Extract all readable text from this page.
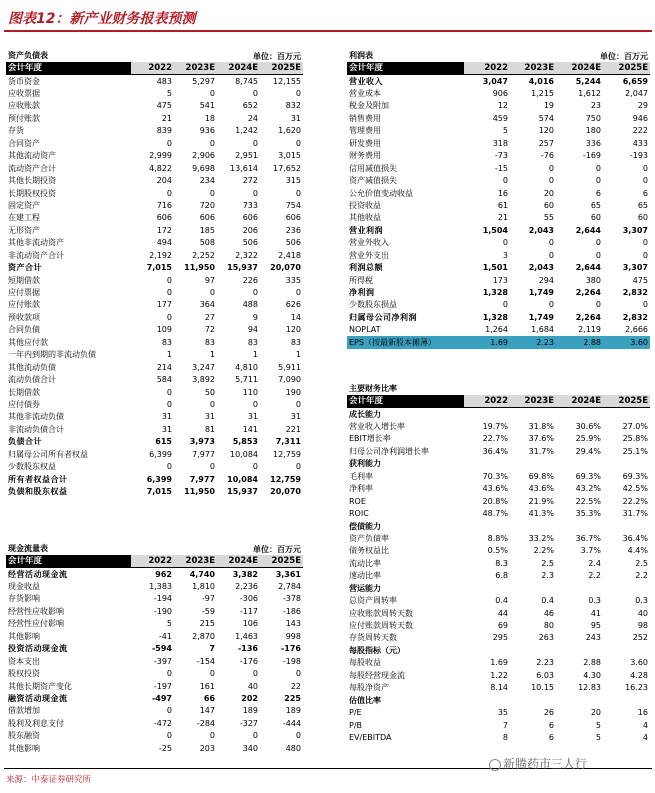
图表12：新产业财务报表预测
资产负债表			单位：百万元	
会计年度	2022	2023E	2024E	2025E
货币资金	483	5,297	8,745	12,155
应收票据	5	0	0	0
应收账款	475	541	652	832
预付账款	21	18	24	31
存货	839	936	1,242	1,620
合同资产	0	0	0	0
其他流动资产	2,999	2,906	2,951	3,015
流动资产合计	4,822	9,698	13,614	17,652
其他长期投资	204	234	272	315
长期股权投资	0	0	0	0
固定资产	716	720	733	754
在建工程	606	606	606	606
无形资产	172	185	206	236
其他非流动资产	494	508	506	506
非流动资产合计	2,192	2,252	2,322	2,418
资产合计	7,015	11,950	15,937	20,070
短期借款	0	97	226	335
应付票据	0	0	0	0
应付账款	177	364	488	626
预收款项	0	27	9	14
合同负债	109	72	94	120
其他应付款	83	83	83	83
一年内到期的非流动负债	1	1	1	1
其他流动负债	214	3,247	4,810	5,911
流动负债合计	584	3,892	5,711	7,090
长期借款	0	50	110	190
应付债券	0	0	0	0
其他非流动负债	31	31	31	31
非流动负债合计	31	81	141	221
负债合计	615	3,973	5,853	7,311
归属母公司所有者权益	6,399	7,977	10,084	12,759
少数股东权益	0	0	0	0
所有者权益合计	6,399	7,977	10,084	12,759
负债和股东权益	7,015	11,950	15,937	20,070
现金流量表			单位：百万元	
会计年度	2022	2023E	2024E	2025E
经营活动现金流	962	4,740	3,382	3,361
现金收益	1,383	1,810	2,236	2,784
存货影响	-194	-97	-306	-378
经营性应收影响	-190	-59	-117	-186
经营性应付影响	5	215	106	143
其他影响	-41	2,870	1,463	998
投资活动现金流	-594	7	-136	-176
资本支出	-397	-154	-176	-198
股权投资	0	0	0	0
其他长期资产变化	-197	161	40	22
融资活动现金流	-497	66	202	225
借款增加	0	147	189	189
股利及利息支付	-472	-284	-327	-444
股东融资	0	0	0	0
其他影响	-25	203	340	480
利润表			单位：百万元	
会计年度	2022	2023E	2024E	2025E
营业收入	3,047	4,016	5,244	6,659
营业成本	906	1,215	1,612	2,047
税金及附加	12	19	23	29
销售费用	459	574	750	946
管理费用	5	120	180	222
研发费用	318	257	336	433
财务费用	-73	-76	-169	-193
信用减值损失	-15	0	0	0
资产减值损失	0	0	0	0
公允价值变动收益	16	20	6	6
投资收益	61	60	65	65
其他收益	21	55	60	60
营业利润	1,504	2,043	2,644	3,307
营业外收入	0	0	0	0
营业外支出	3	0	0	0
利润总额	1,501	2,043	2,644	3,307
所得税	173	294	380	475
净利润	1,328	1,749	2,264	2,832
少数股东损益	0	0	0	0
归属母公司净利润	1,328	1,749	2,264	2,832
NOPLAT	1,264	1,684	2,119	2,666
EPS（按最新股本摊薄）	1.69	2.23	2.88	3.60
主要财务比率				
会计年度	2022	2023E	2024E	2025E
成长能力				
营业收入增长率	19.7%	31.8%	30.6%	27.0%
EBIT增长率	22.7%	37.6%	25.9%	25.8%
归母公司净利润增长率	36.4%	31.7%	29.4%	25.1%
获利能力				
毛利率	70.3%	69.8%	69.3%	69.3%
净利率	43.6%	43.6%	43.2%	42.5%
ROE	20.8%	21.9%	22.5%	22.2%
ROIC	48.7%	41.3%	35.3%	31.7%
偿债能力				
资产负债率	8.8%	33.2%	36.7%	36.4%
债务权益比	0.5%	2.2%	3.7%	4.4%
流动比率	8.3	2.5	2.4	2.5
速动比率	6.8	2.3	2.2	2.2
营运能力				
总资产周转率	0.4	0.4	0.3	0.3
应收账款周转天数	44	46	41	40
应付账款周转天数	69	80	95	98
存货周转天数	295	263	243	252
每股指标（元）				
每股收益	1.69	2.23	2.88	3.60
每股经营现金流	1.22	6.03	4.30	4.28
每股净资产	8.14	10.15	12.83	16.23
估值比率				
P/E	35	26	20	16
P/B	7	6	5	4
EV/EBITDA	8	6	5	4
来源：中泰证券研究所
新腾药市三人行
